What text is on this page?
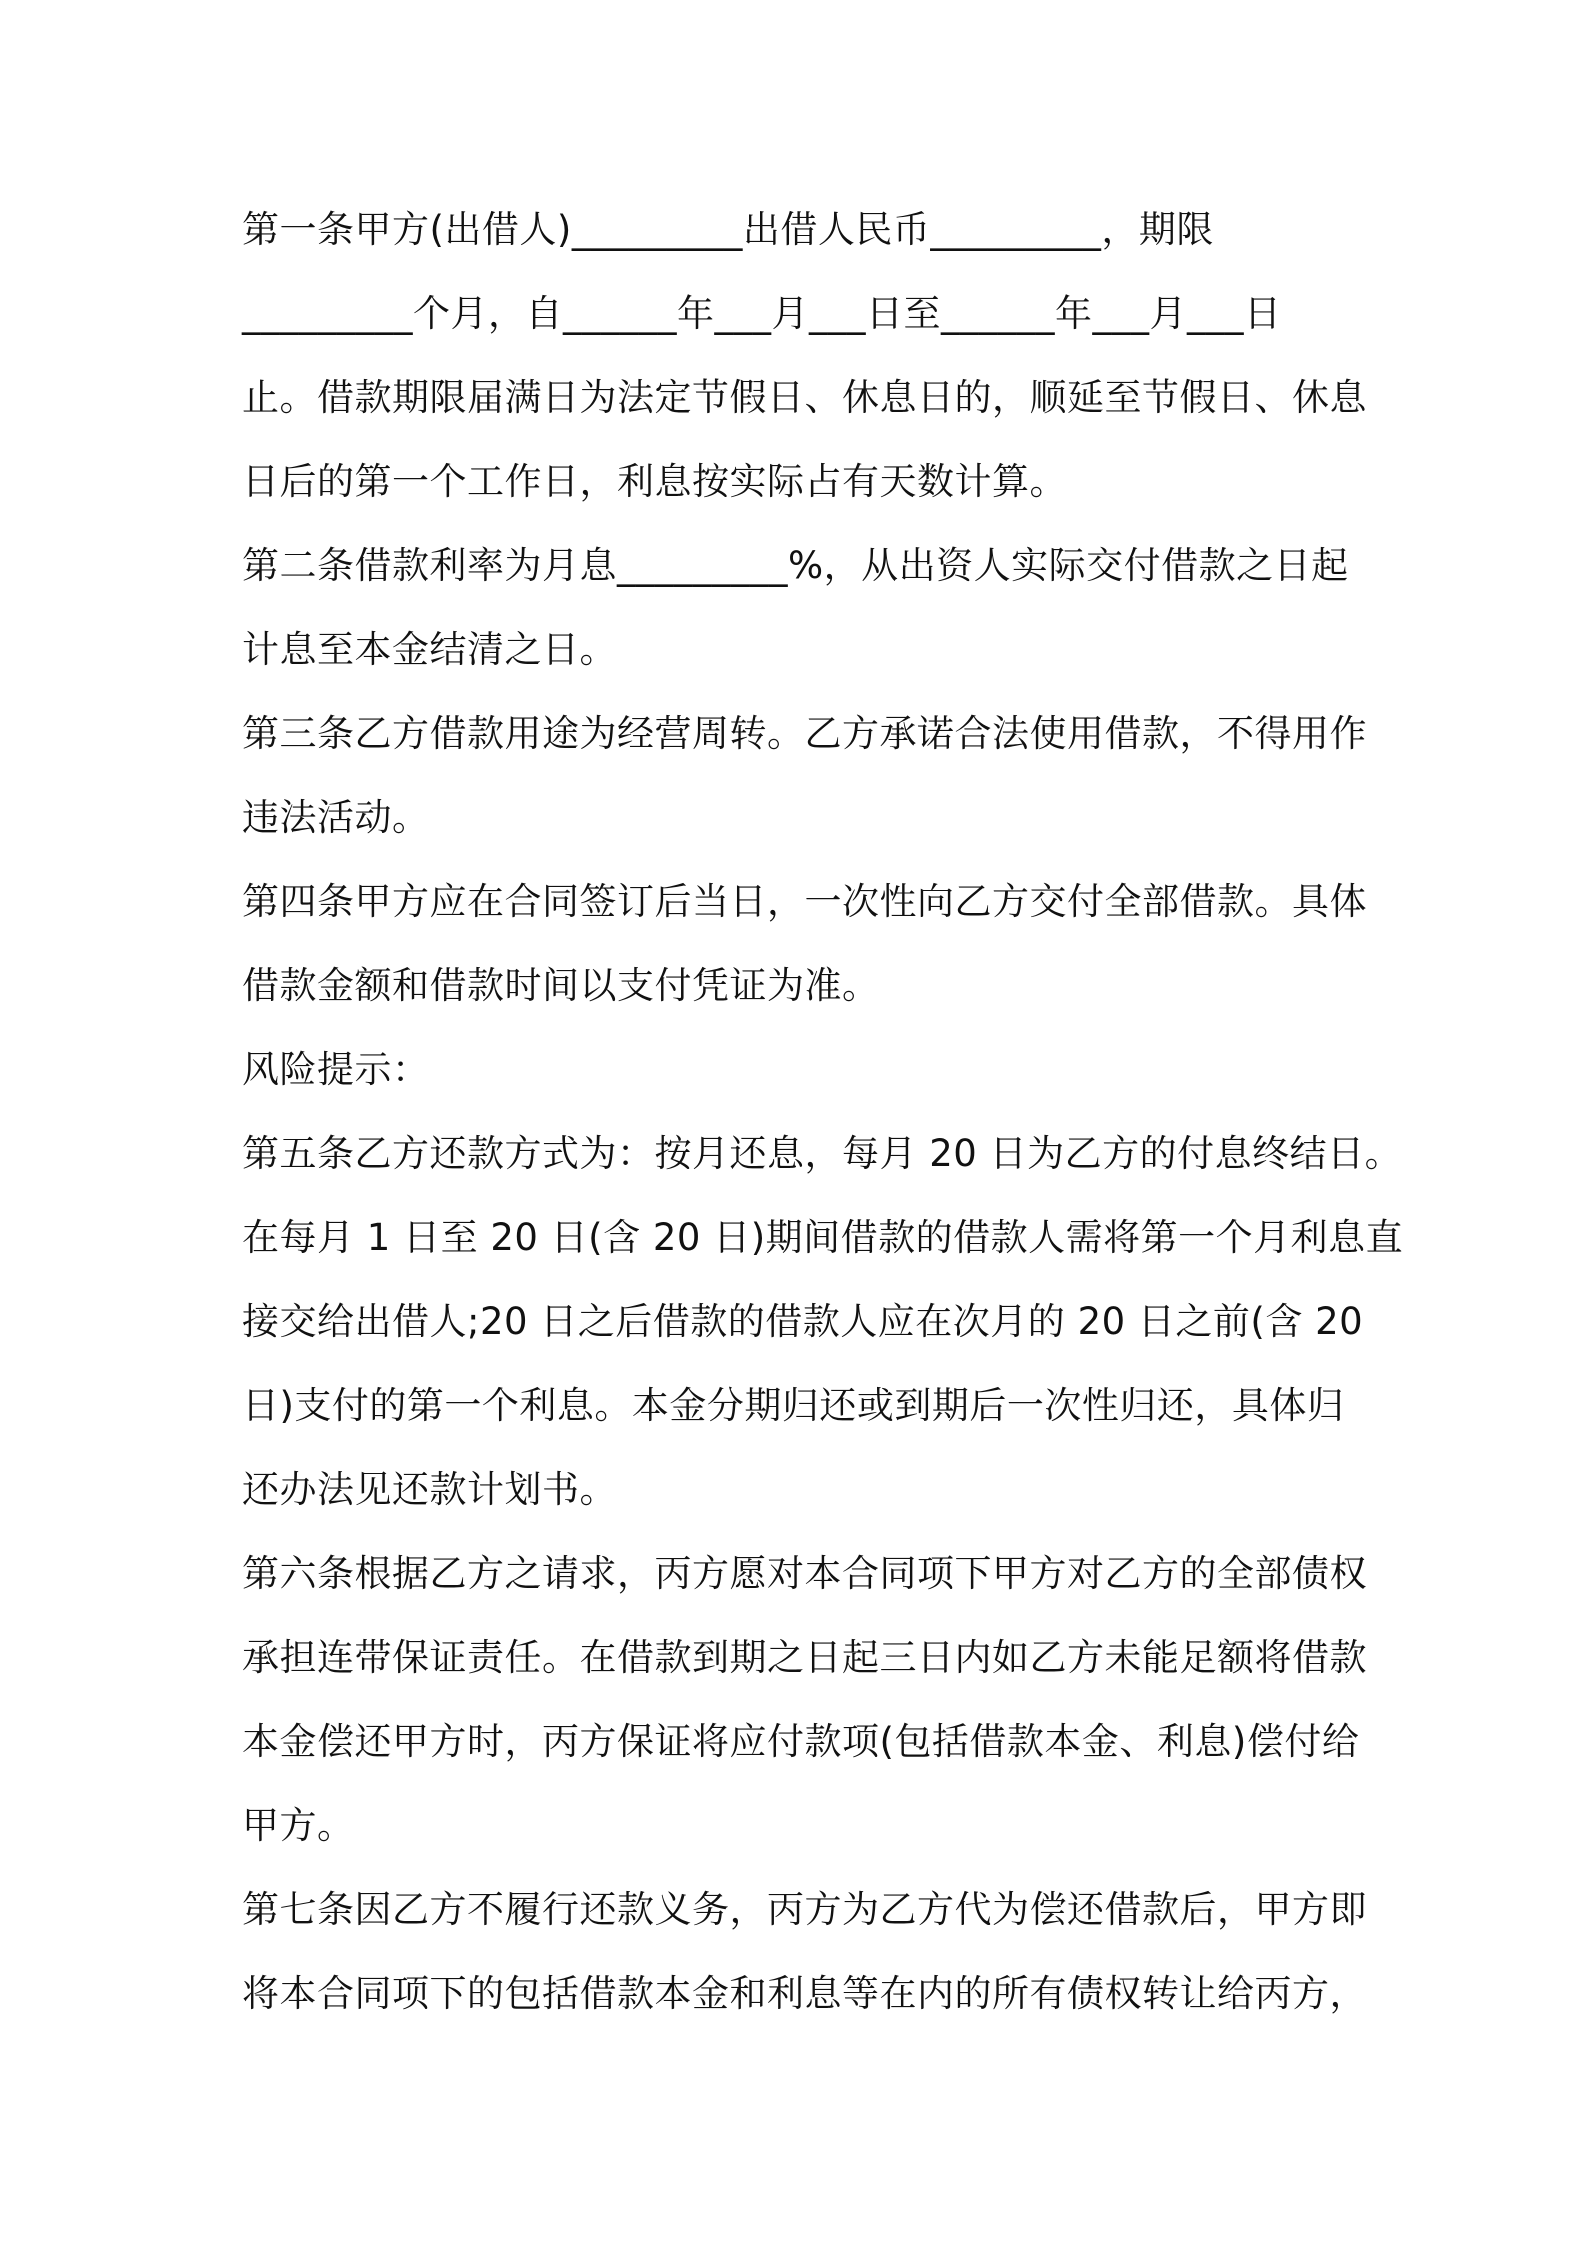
第一条甲方(出借人)_________出借人民币_________，期限

_________个月，自______年___月___日至______年___月___日

止。借款期限届满日为法定节假日、休息日的，顺延至节假日、休息

日后的第一个工作日，利息按实际占有天数计算。

第二条借款利率为月息_________%，从出资人实际交付借款之日起

计息至本金结清之日。

第三条乙方借款用途为经营周转。乙方承诺合法使用借款，不得用作

违法活动。

第四条甲方应在合同签订后当日，一次性向乙方交付全部借款。具体

借款金额和借款时间以支付凭证为准。

风险提示：

第五条乙方还款方式为：按月还息，每月 20 日为乙方的付息终结日。

在每月 1 日至 20 日(含 20 日)期间借款的借款人需将第一个月利息直

接交给出借人;20 日之后借款的借款人应在次月的 20 日之前(含 20

日)支付的第一个利息。本金分期归还或到期后一次性归还，具体归

还办法见还款计划书。

第六条根据乙方之请求，丙方愿对本合同项下甲方对乙方的全部债权

承担连带保证责任。在借款到期之日起三日内如乙方未能足额将借款

本金偿还甲方时，丙方保证将应付款项(包括借款本金、利息)偿付给

甲方。

第七条因乙方不履行还款义务，丙方为乙方代为偿还借款后，甲方即

将本合同项下的包括借款本金和利息等在内的所有债权转让给丙方，
